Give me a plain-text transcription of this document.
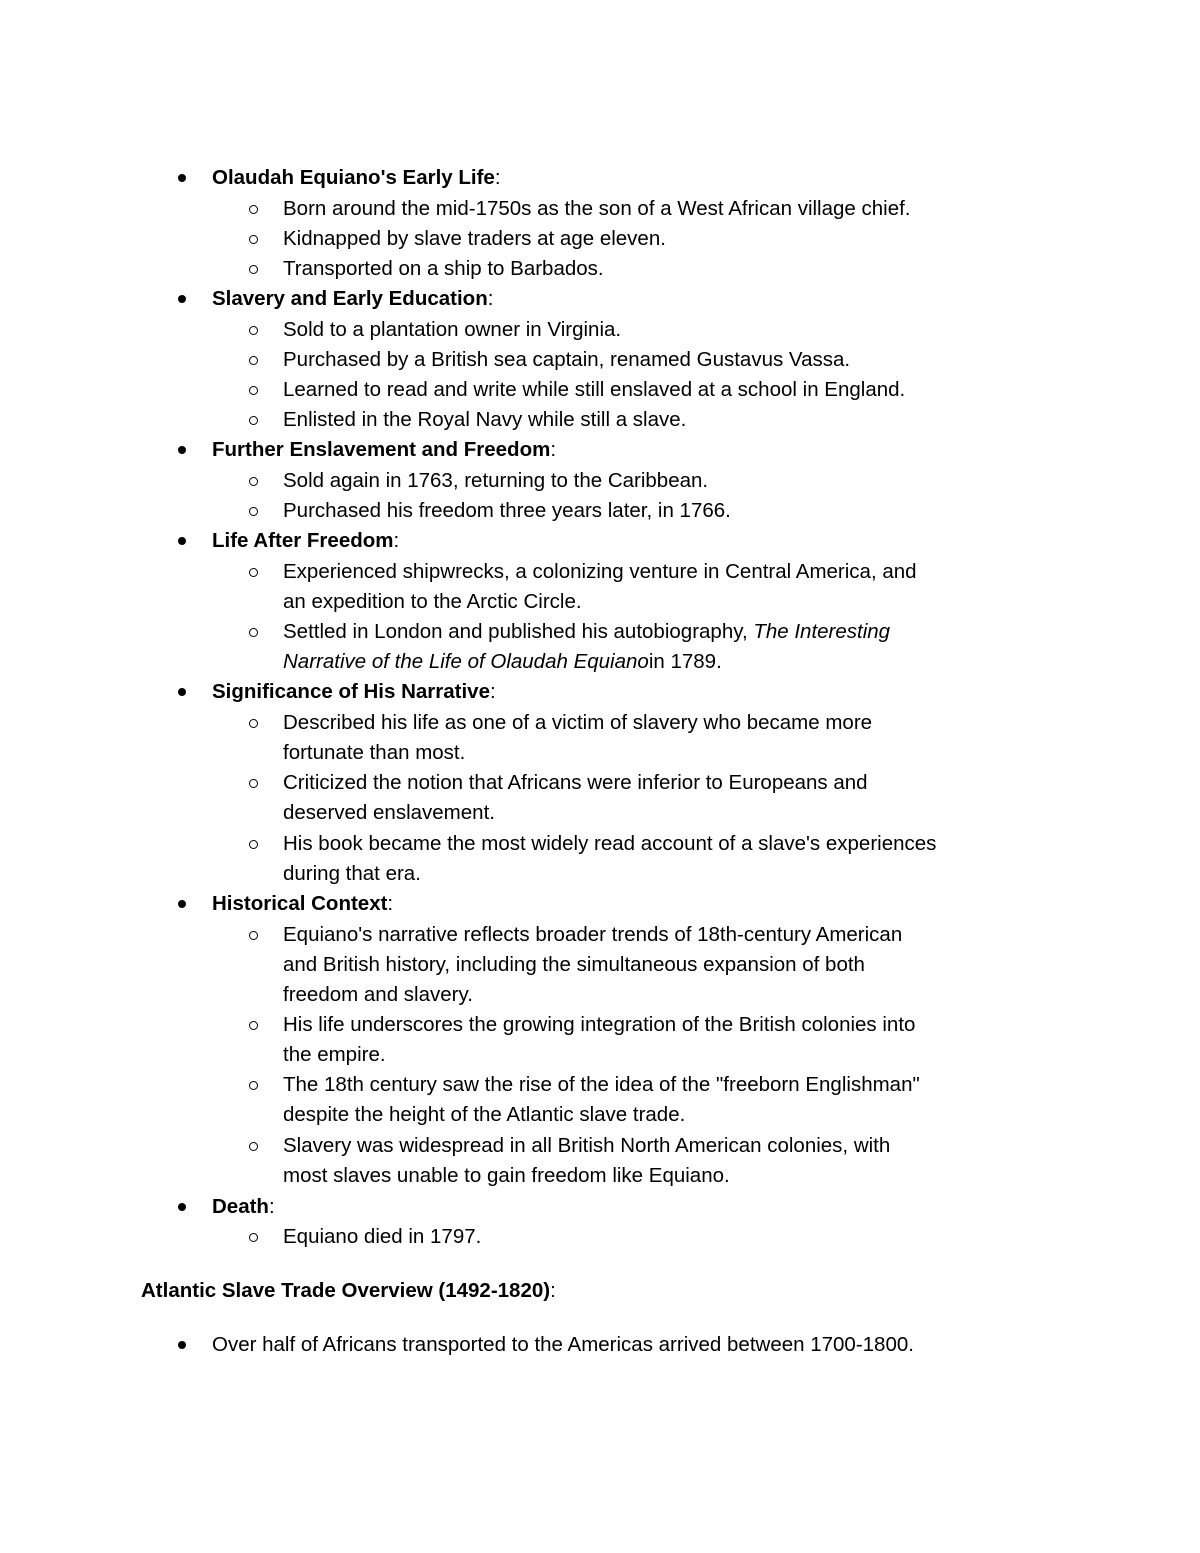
Olaudah Equiano's Early Life:
Born around the mid-1750s as the son of a West African village chief.
Kidnapped by slave traders at age eleven.
Transported on a ship to Barbados.
Slavery and Early Education:
Sold to a plantation owner in Virginia.
Purchased by a British sea captain, renamed Gustavus Vassa.
Learned to read and write while still enslaved at a school in England.
Enlisted in the Royal Navy while still a slave.
Further Enslavement and Freedom:
Sold again in 1763, returning to the Caribbean.
Purchased his freedom three years later, in 1766.
Life After Freedom:
Experienced shipwrecks, a colonizing venture in Central America, and
an expedition to the Arctic Circle.
Settled in London and published his autobiography, The Interesting
Narrative of the Life of Olaudah Equianoin 1789.
Significance of His Narrative:
Described his life as one of a victim of slavery who became more
fortunate than most.
Criticized the notion that Africans were inferior to Europeans and
deserved enslavement.
His book became the most widely read account of a slave's experiences
during that era.
Historical Context:
Equiano's narrative reflects broader trends of 18th-century American
and British history, including the simultaneous expansion of both
freedom and slavery.
His life underscores the growing integration of the British colonies into
the empire.
The 18th century saw the rise of the idea of the "freeborn Englishman"
despite the height of the Atlantic slave trade.
Slavery was widespread in all British North American colonies, with
most slaves unable to gain freedom like Equiano.
Death:
Equiano died in 1797.
Atlantic Slave Trade Overview (1492-1820):
Over half of Africans transported to the Americas arrived between 1700-1800.
